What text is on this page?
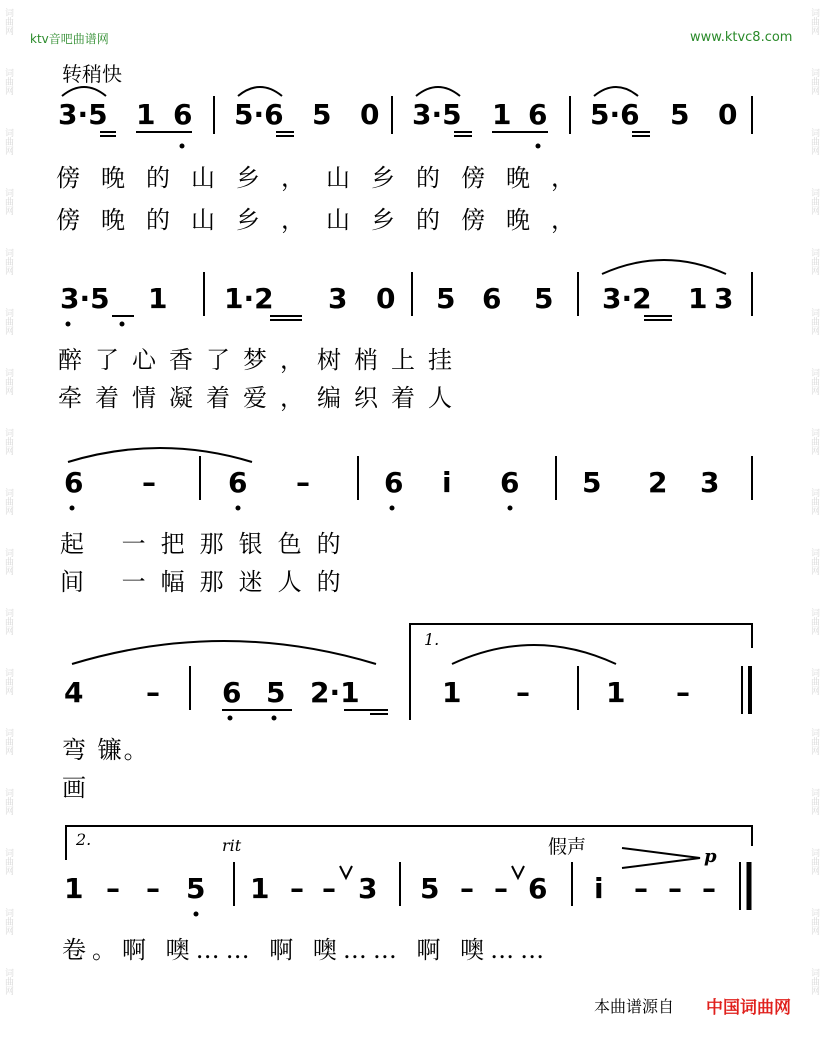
词曲网
词曲网
词曲网
词曲网
词曲网
词曲网
词曲网
词曲网
词曲网
词曲网
词曲网
词曲网
词曲网
词曲网
词曲网
词曲网
词曲网
词曲网
词曲网
词曲网
词曲网
词曲网
词曲网
词曲网
词曲网
词曲网
词曲网
词曲网
词曲网
词曲网
词曲网
词曲网
词曲网
词曲网
ktv音吧曲谱网	www.ktvc8.com
转稍快
3·5 1 6 5·6 5 0 3·5 1 6 5·6 5 0
傍晚的山乡，山乡的傍晚，
傍晚的山乡，山乡的傍晚，
3·5 1 1·2 3 0 5 6 5 3·2 1 3
醉了心香了梦，树梢上挂
牵着情凝着爱，编织着人
6 –	6 –	6 i 6 5 2 3
起 一把那银色的
间 一幅那迷人的
1.
4 – 6 5 2·1	1 –	1 –
弯 镰。
画
2.	rit	假声	p
1 – – 5 1 – – 3 5 – – 6 i – – –
卷。啊 噢…… 啊 噢…… 啊 噢……
本曲谱源自 中国词曲网
